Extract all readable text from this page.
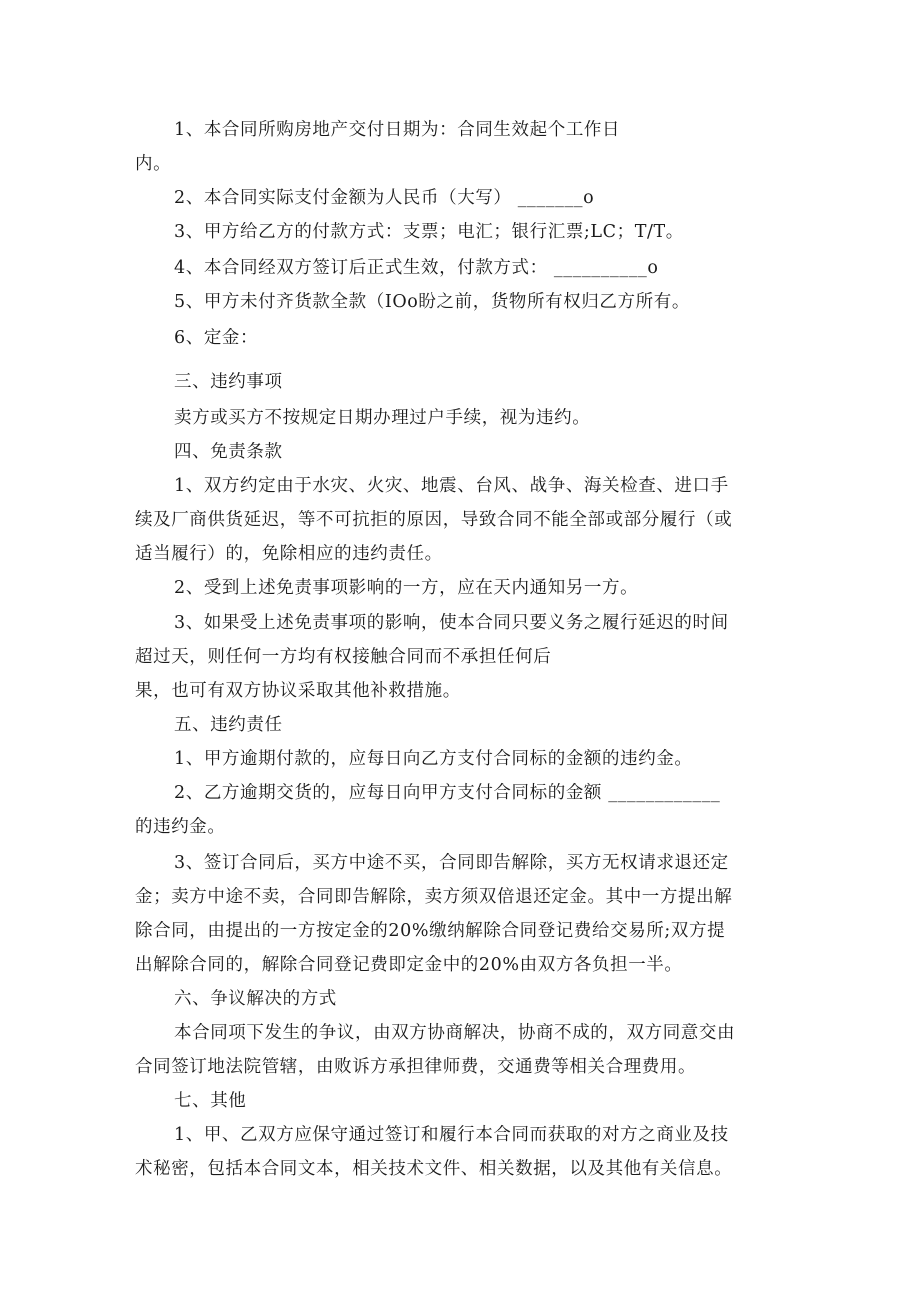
1、本合同所购房地产交付日期为：合同生效起个工作日
内。
2、本合同实际支付金额为人民币（大写） _______o
3、甲方给乙方的付款方式：支票；电汇；银行汇票;LC；T/T。
4、本合同经双方签订后正式生效，付款方式： __________o
5、甲方未付齐货款全款（IOo盼之前，货物所有权归乙方所有。
6、定金：
三、违约事项
卖方或买方不按规定日期办理过户手续，视为违约。
四、免责条款
1、双方约定由于水灾、火灾、地震、台风、战争、海关检查、进口手
续及厂商供货延迟，等不可抗拒的原因，导致合同不能全部或部分履行（或
适当履行）的，免除相应的违约责任。
2、受到上述免责事项影响的一方，应在天内通知另一方。
3、如果受上述免责事项的影响，使本合同只要义务之履行延迟的时间
超过天，则任何一方均有权接触合同而不承担任何后
果，也可有双方协议采取其他补救措施。
五、违约责任
1、甲方逾期付款的，应每日向乙方支付合同标的金额的违约金。
2、乙方逾期交货的，应每日向甲方支付合同标的金额 ____________
的违约金。
3、签订合同后，买方中途不买，合同即告解除，买方无权请求退还定
金；卖方中途不卖，合同即告解除，卖方须双倍退还定金。其中一方提出解
除合同，由提出的一方按定金的20%缴纳解除合同登记费给交易所;双方提
出解除合同的，解除合同登记费即定金中的20%由双方各负担一半。
六、争议解决的方式
本合同项下发生的争议，由双方协商解决，协商不成的，双方同意交由
合同签订地法院管辖，由败诉方承担律师费，交通费等相关合理费用。
七、其他
1、甲、乙双方应保守通过签订和履行本合同而获取的对方之商业及技
术秘密，包括本合同文本，相关技术文件、相关数据，以及其他有关信息。
